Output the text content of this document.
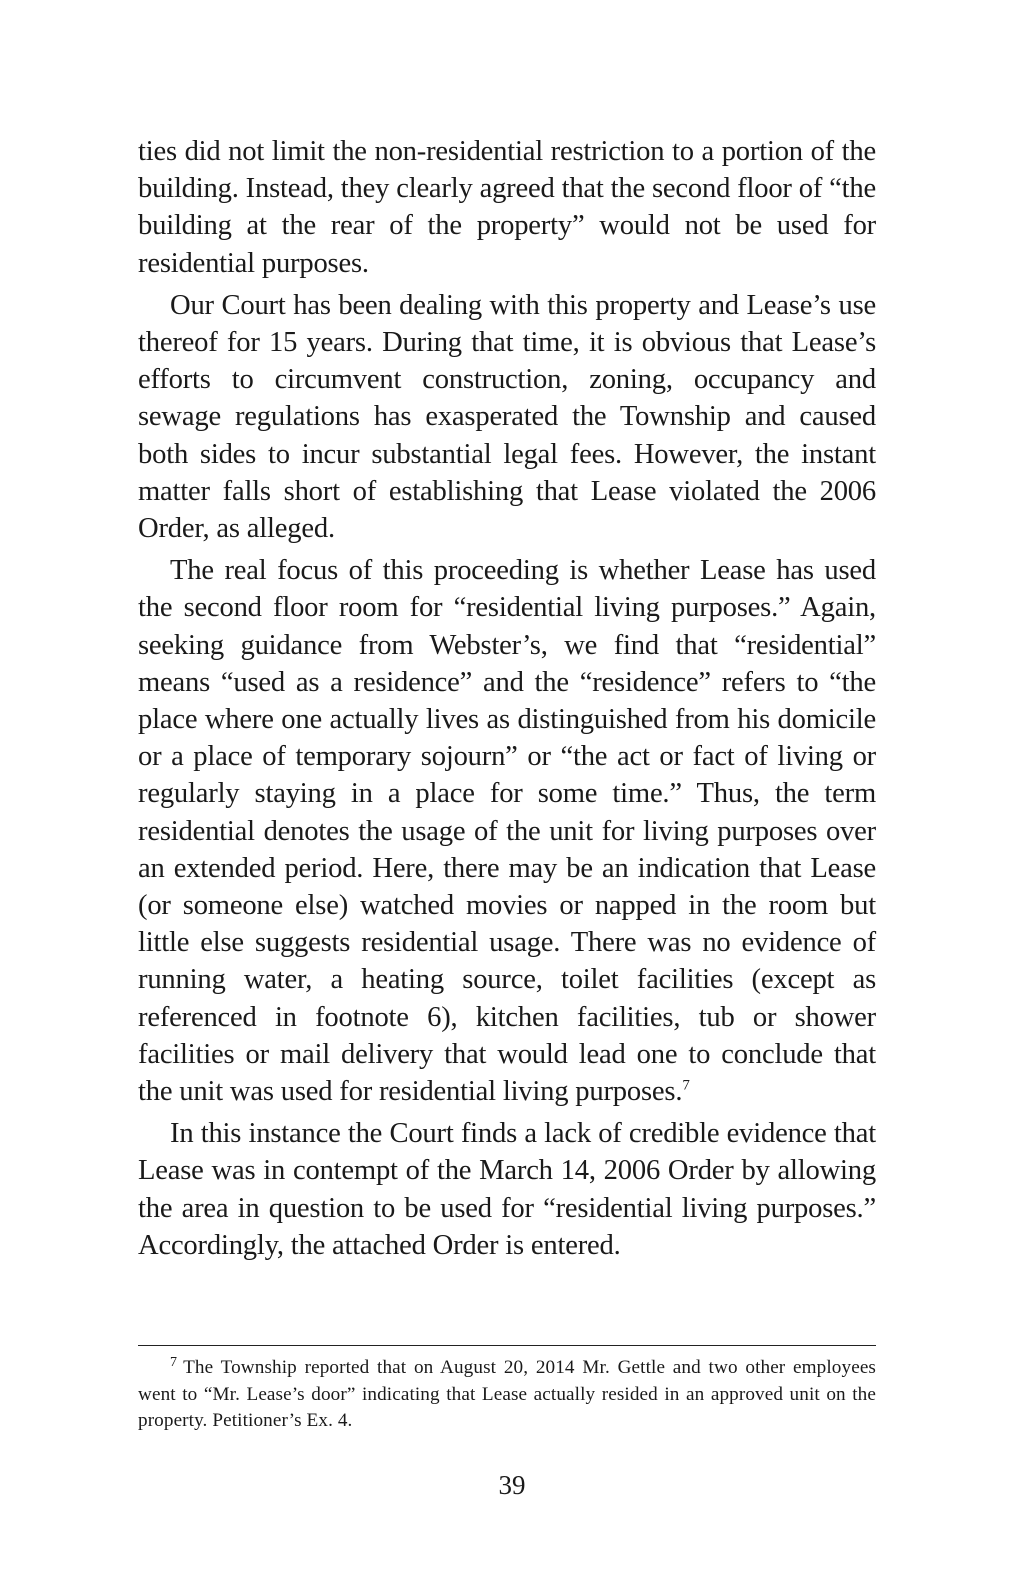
ties did not limit the non-residential restriction to a portion of the building. Instead, they clearly agreed that the second floor of “the building at the rear of the property” would not be used for residential purposes.

Our Court has been dealing with this property and Lease’s use thereof for 15 years. During that time, it is obvious that Lease’s efforts to circumvent construction, zoning, occupancy and sewage regulations has exasperated the Township and caused both sides to incur substantial legal fees. However, the instant matter falls short of establishing that Lease violated the 2006 Order, as alleged.

The real focus of this proceeding is whether Lease has used the second floor room for “residential living purposes.” Again, seeking guidance from Webster’s, we find that “residential” means “used as a residence” and the “residence” refers to “the place where one actually lives as distinguished from his domicile or a place of temporary sojourn” or “the act or fact of living or regularly staying in a place for some time.” Thus, the term residential denotes the usage of the unit for living purposes over an extended period. Here, there may be an indication that Lease (or someone else) watched movies or napped in the room but little else suggests residential usage. There was no evidence of running water, a heating source, toilet facilities (except as referenced in footnote 6), kitchen facilities, tub or shower facilities or mail delivery that would lead one to conclude that the unit was used for residential living purposes.$^7$

In this instance the Court finds a lack of credible evidence that Lease was in contempt of the March 14, 2006 Order by allowing the area in question to be used for “residential living purposes.” Accordingly, the attached Order is entered.

$^7$ The Township reported that on August 20, 2014 Mr. Gettle and two other employees went to “Mr. Lease’s door” indicating that Lease actually resided in an approved unit on the property. Petitioner’s Ex. 4.

39
